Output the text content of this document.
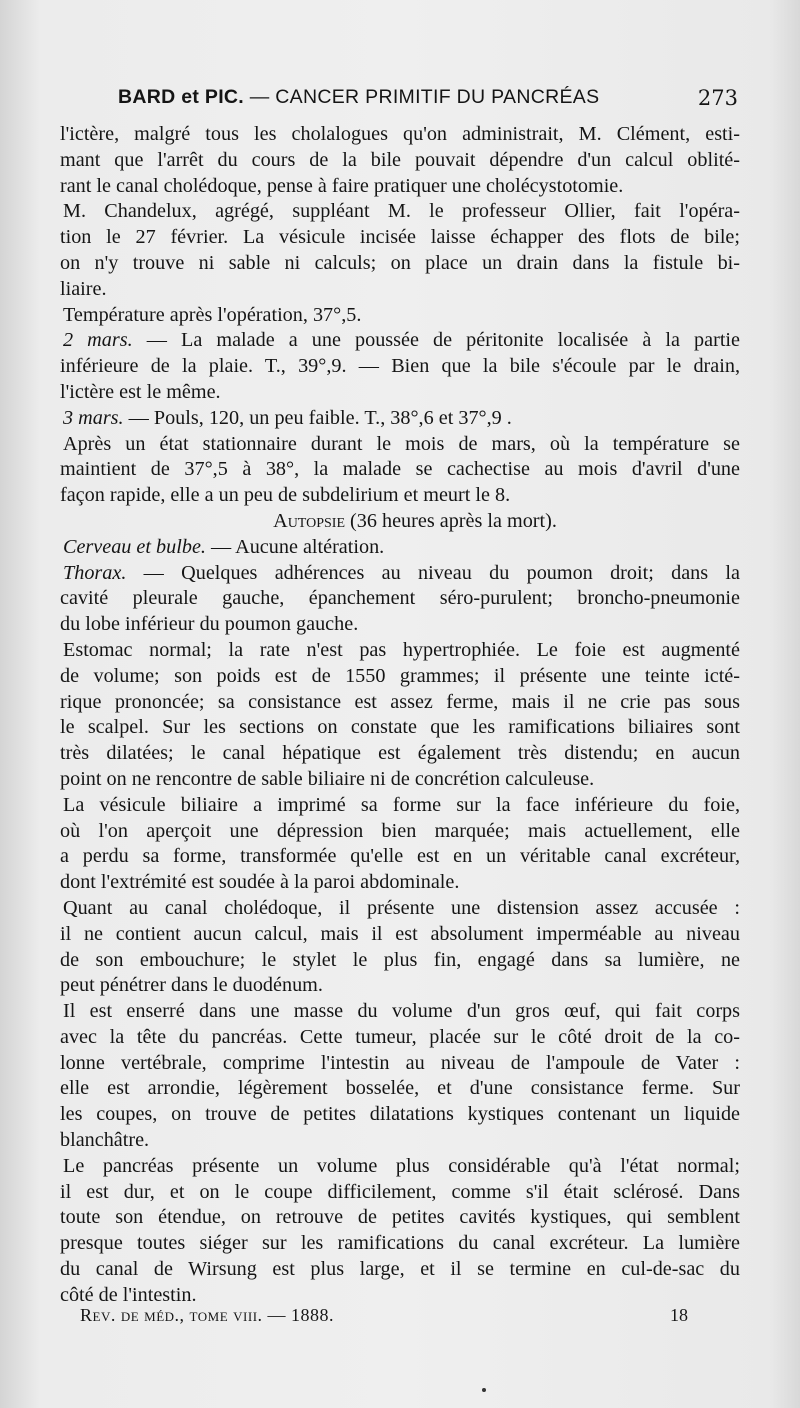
BARD et PIC. — CANCER PRIMITIF DU PANCRÉAS	273
l'ictère, malgré tous les cholalogues qu'on administrait, M. Clément, esti-
mant que l'arrêt du cours de la bile pouvait dépendre d'un calcul oblité-
rant le canal cholédoque, pense à faire pratiquer une cholécystotomie.
M. Chandelux, agrégé, suppléant M. le professeur Ollier, fait l'opéra-
tion le 27 février. La vésicule incisée laisse échapper des flots de bile;
on n'y trouve ni sable ni calculs; on place un drain dans la fistule bi-
liaire.
Température après l'opération, 37°,5.
2 mars. — La malade a une poussée de péritonite localisée à la partie
inférieure de la plaie. T., 39°,9. — Bien que la bile s'écoule par le drain,
l'ictère est le même.
3 mars. — Pouls, 120, un peu faible. T., 38°,6 et 37°,9 .
Après un état stationnaire durant le mois de mars, où la température se
maintient de 37°,5 à 38°, la malade se cachectise au mois d'avril d'une
façon rapide, elle a un peu de subdelirium et meurt le 8.
Autopsie (36 heures après la mort).
Cerveau et bulbe. — Aucune altération.
Thorax. — Quelques adhérences au niveau du poumon droit; dans la
cavité pleurale gauche, épanchement séro-purulent; broncho-pneumonie
du lobe inférieur du poumon gauche.
Estomac normal; la rate n'est pas hypertrophiée. Le foie est augmenté
de volume; son poids est de 1550 grammes; il présente une teinte icté-
rique prononcée; sa consistance est assez ferme, mais il ne crie pas sous
le scalpel. Sur les sections on constate que les ramifications biliaires sont
très dilatées; le canal hépatique est également très distendu; en aucun
point on ne rencontre de sable biliaire ni de concrétion calculeuse.
La vésicule biliaire a imprimé sa forme sur la face inférieure du foie,
où l'on aperçoit une dépression bien marquée; mais actuellement, elle
a perdu sa forme, transformée qu'elle est en un véritable canal excréteur,
dont l'extrémité est soudée à la paroi abdominale.
Quant au canal cholédoque, il présente une distension assez accusée :
il ne contient aucun calcul, mais il est absolument imperméable au niveau
de son embouchure; le stylet le plus fin, engagé dans sa lumière, ne
peut pénétrer dans le duodénum.
Il est enserré dans une masse du volume d'un gros œuf, qui fait corps
avec la tête du pancréas. Cette tumeur, placée sur le côté droit de la co-
lonne vertébrale, comprime l'intestin au niveau de l'ampoule de Vater :
elle est arrondie, légèrement bosselée, et d'une consistance ferme. Sur
les coupes, on trouve de petites dilatations kystiques contenant un liquide
blanchâtre.
Le pancréas présente un volume plus considérable qu'à l'état normal;
il est dur, et on le coupe difficilement, comme s'il était sclérosé. Dans
toute son étendue, on retrouve de petites cavités kystiques, qui semblent
presque toutes siéger sur les ramifications du canal excréteur. La lumière
du canal de Wirsung est plus large, et il se termine en cul-de-sac du
côté de l'intestin.
Rev. de méd., tome viii. — 1888.	18
